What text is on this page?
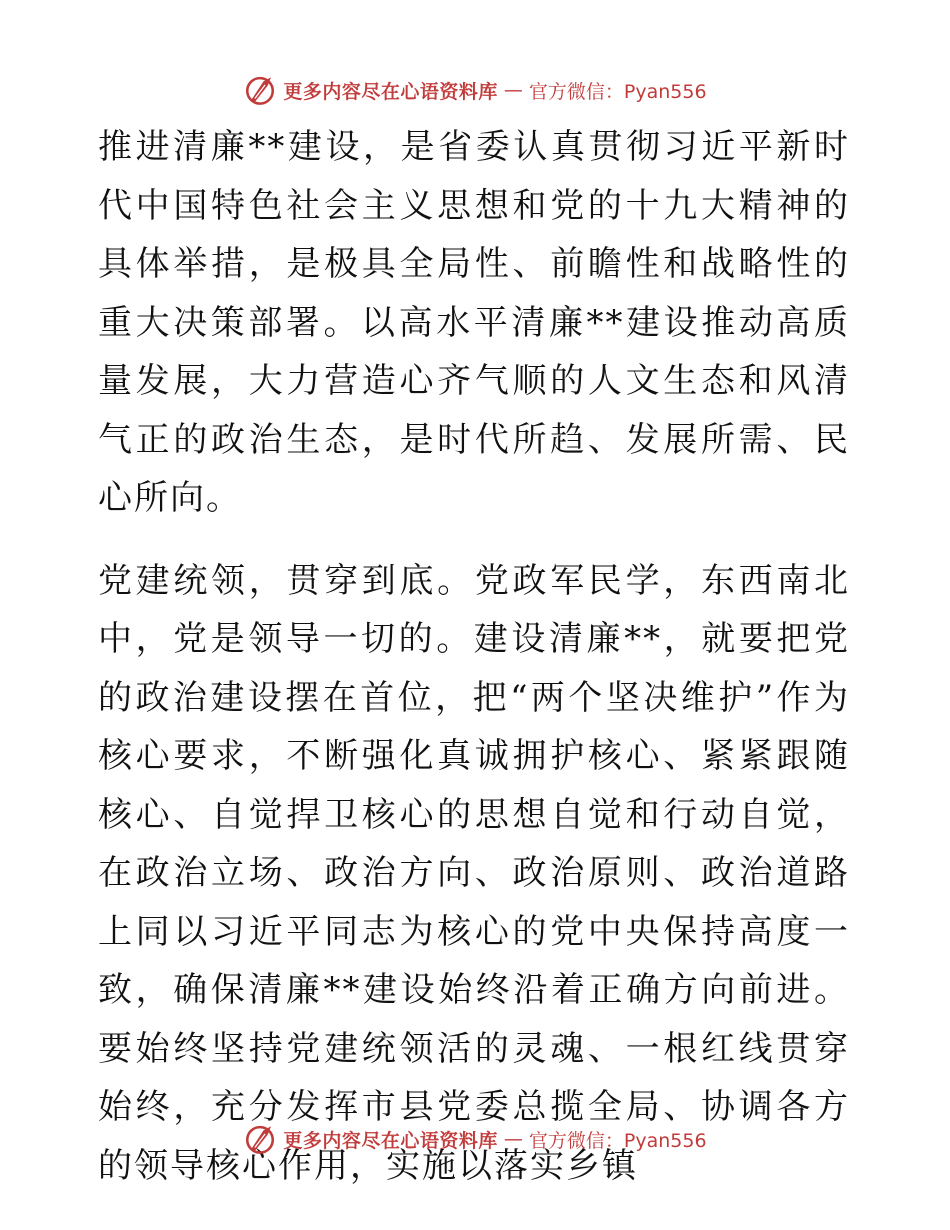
更多内容尽在心语资料库 — 官方微信：Pyan556

推进清廉**建设，是省委认真贯彻习近平新时代中国特色社会主义思想和党的十九大精神的具体举措，是极具全局性、前瞻性和战略性的重大决策部署。以高水平清廉**建设推动高质量发展，大力营造心齐气顺的人文生态和风清气正的政治生态，是时代所趋、发展所需、民心所向。

党建统领，贯穿到底。党政军民学，东西南北中，党是领导一切的。建设清廉**，就要把党的政治建设摆在首位，把“两个坚决维护”作为核心要求，不断强化真诚拥护核心、紧紧跟随核心、自觉捍卫核心的思想自觉和行动自觉，在政治立场、政治方向、政治原则、政治道路上同以习近平同志为核心的党中央保持高度一致，确保清廉**建设始终沿着正确方向前进。要始终坚持党建统领活的灵魂、一根红线贯穿始终，充分发挥市县党委总揽全局、协调各方的领导核心作用，实施以落实乡镇

更多内容尽在心语资料库 — 官方微信：Pyan556
